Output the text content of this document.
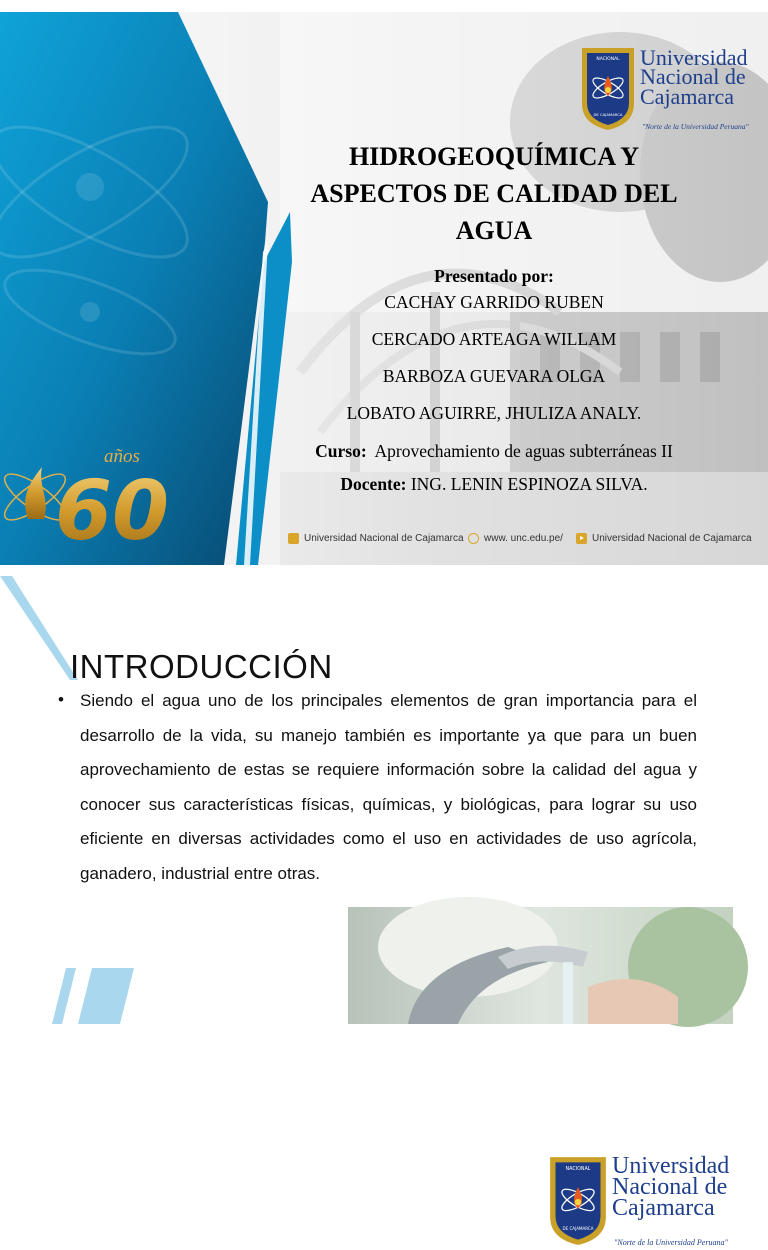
60
años
NACIONAL
DE CAJAMARCA
Universidad
Nacional de
Cajamarca
"Norte de la Universidad Peruana"
HIDROGEOQUÍMICA Y
ASPECTOS DE CALIDAD DEL
AGUA
Presentado por:
CACHAY GARRIDO RUBEN
CERCADO ARTEAGA WILLAM
BARBOZA GUEVARA OLGA
LOBATO AGUIRRE, JHULIZA ANALY.
Curso: Aprovechamiento de aguas subterráneas II
Docente: ING. LENIN ESPINOZA SILVA.
Universidad Nacional de Cajamarca www. unc.edu.pe/	Universidad Nacional de Cajamarca
NACIONAL
DE CAJAMARCA
Universidad
Nacional de
Cajamarca
"Norte de la Universidad Peruana"
INTRODUCCIÓN
• Siendo el agua uno de los principales elementos de gran importancia para el desarrollo de la vida, su manejo también es importante ya que para un buen aprovechamiento de estas se requiere información sobre la calidad del agua y conocer sus características físicas, químicas, y biológicas, para lograr su uso eficiente en diversas actividades como el uso en actividades de uso agrícola, ganadero, industrial entre otras.
